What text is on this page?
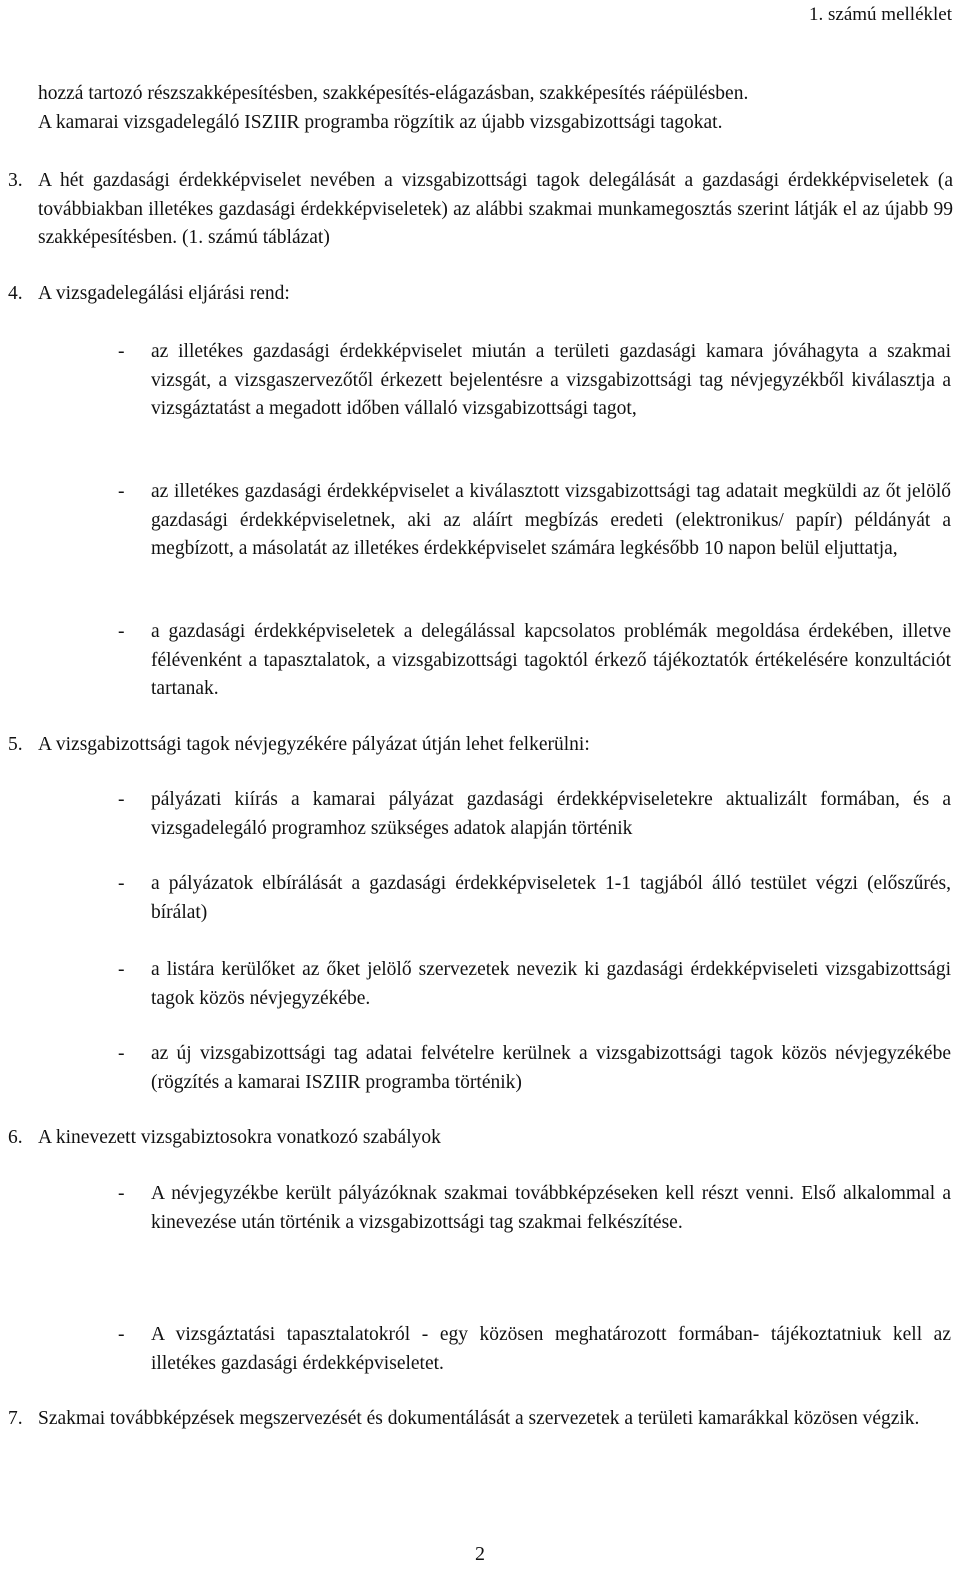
1. számú melléklet
hozzá tartozó részszakképesítésben, szakképesítés-elágazásban, szakképesítés ráépülésben.
A kamarai vizsgadelegáló ISZIIR programba rögzítik az újabb vizsgabizottsági tagokat.
3. A hét gazdasági érdekképviselet nevében a vizsgabizottsági tagok delegálását a gazdasági érdekképviseletek (a továbbiakban illetékes gazdasági érdekképviseletek) az alábbi szakmai munkamegosztás szerint látják el az újabb 99 szakképesítésben. (1. számú táblázat)
4. A vizsgadelegálási eljárási rend:
- az illetékes gazdasági érdekképviselet miután a területi gazdasági kamara jóváhagyta a szakmai vizsgát, a vizsgaszervezőtől érkezett bejelentésre a vizsgabizottsági tag névjegyzékből kiválasztja a vizsgáztatást a megadott időben vállaló vizsgabizottsági tagot,
- az illetékes gazdasági érdekképviselet a kiválasztott vizsgabizottsági tag adatait megküldi az őt jelölő gazdasági érdekképviseletnek, aki az aláírt megbízás eredeti (elektronikus/ papír) példányát a megbízott, a másolatát az illetékes érdekképviselet számára legkésőbb 10 napon belül eljuttatja,
- a gazdasági érdekképviseletek a delegálással kapcsolatos problémák megoldása érdekében, illetve félévenként a tapasztalatok, a vizsgabizottsági tagoktól érkező tájékoztatók értékelésére konzultációt tartanak.
5. A vizsgabizottsági tagok névjegyzékére pályázat útján lehet felkerülni:
- pályázati kiírás a kamarai pályázat gazdasági érdekképviseletekre aktualizált formában, és a vizsgadelegáló programhoz szükséges adatok alapján történik
- a pályázatok elbírálását a gazdasági érdekképviseletek 1-1 tagjából álló testület végzi (előszűrés, bírálat)
- a listára kerülőket az őket jelölő szervezetek nevezik ki gazdasági érdekképviseleti vizsgabizottsági tagok közös névjegyzékébe.
- az új vizsgabizottsági tag adatai felvételre kerülnek a vizsgabizottsági tagok közös névjegyzékébe (rögzítés a kamarai ISZIIR programba történik)
6. A kinevezett vizsgabiztosokra vonatkozó szabályok
- A névjegyzékbe került pályázóknak szakmai továbbképzéseken kell részt venni. Első alkalommal a kinevezése után történik a vizsgabizottsági tag szakmai felkészítése.
- A vizsgáztatási tapasztalatokról - egy közösen meghatározott formában- tájékoztatniuk kell az illetékes gazdasági érdekképviseletet.
7. Szakmai továbbképzések megszervezését és dokumentálását a szervezetek a területi kamarákkal közösen végzik.
2
